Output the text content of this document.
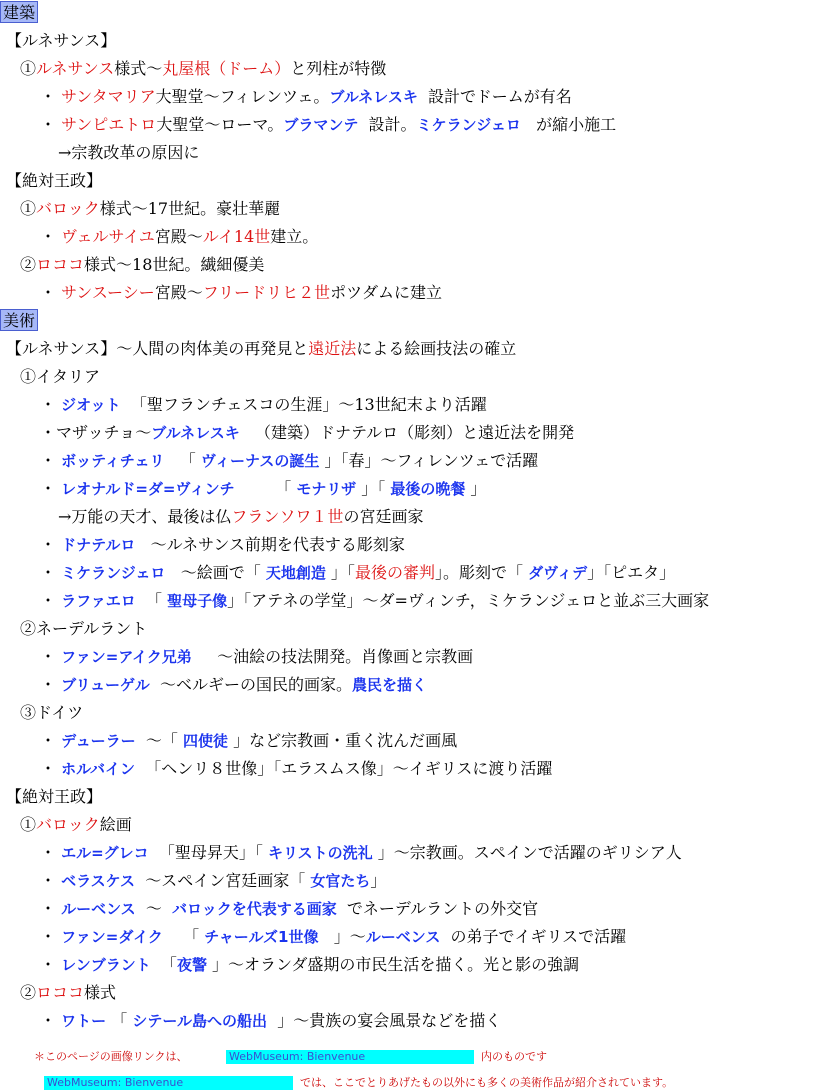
建築
【ルネサンス】
①ルネサンス様式～丸屋根（ドーム）と列柱が特徴
・ サンタマリア大聖堂～フィレンツェ。ブルネレスキ 設計でドームが有名
・ サンピエトロ大聖堂～ローマ。ブラマンテ 設計。ミケランジェロ が縮小施工
→宗教改革の原因に
【絶対王政】
①バロック様式～17世紀。豪壮華麗
・ ヴェルサイユ宮殿～ルイ14世建立。
②ロココ様式～18世紀。繊細優美
・ サンスーシー宮殿～フリードリヒ２世ポツダムに建立
美術
【ルネサンス】～人間の肉体美の再発見と遠近法による絵画技法の確立
①イタリア
・ ジオット 「聖フランチェスコの生涯」～13世紀末より活躍
・マザッチョ～ブルネレスキ （建築）ドナテルロ（彫刻）と遠近法を開発
・ ボッティチェリ 「 ヴィーナスの誕生 」「春」～フィレンツェで活躍
・ レオナルド=ダ=ヴィンチ	「 モナリザ 」「 最後の晩餐 」
→万能の天才、最後は仏フランソワ１世の宮廷画家
・ ドナテルロ ～ルネサンス前期を代表する彫刻家
・ ミケランジェロ ～絵画で「 天地創造 」「最後の審判」。彫刻で「 ダヴィデ」「ピエタ」
・ ラファエロ 「 聖母子像」「アテネの学堂」～ダ=ヴィンチ，ミケランジェロと並ぶ三大画家
②ネーデルラント
・ ファン=アイク兄弟 ～油絵の技法開発。肖像画と宗教画
・ ブリューゲル ～ベルギーの国民的画家。農民を描く
③ドイツ
・ デューラー ～「 四使徒 」など宗教画・重く沈んだ画風
・ ホルバイン 「ヘンリ８世像」「エラスムス像」～イギリスに渡り活躍
【絶対王政】
①バロック絵画
・ エル=グレコ 「聖母昇天」「 キリストの洗礼 」～宗教画。スペインで活躍のギリシア人
・ ベラスケス ～スペイン宮廷画家「 女官たち」
・ ルーベンス ～ バロックを代表する画家 でネーデルラントの外交官
・ ファン=ダイク 「 チャールズ1世像 」～ルーベンス の弟子でイギリスで活躍
・ レンブラント 「夜警 」～オランダ盛期の市民生活を描く。光と影の強調
②ロココ様式
・ ワトー 「 シテール島への船出 」～貴族の宴会風景などを描く
＊このページの画像リンクは、	WebMuseum: Bienvenue	内のものです
WebMuseum: Bienvenue	では、ここでとりあげたもの以外にも多くの美術作品が紹介されています。
